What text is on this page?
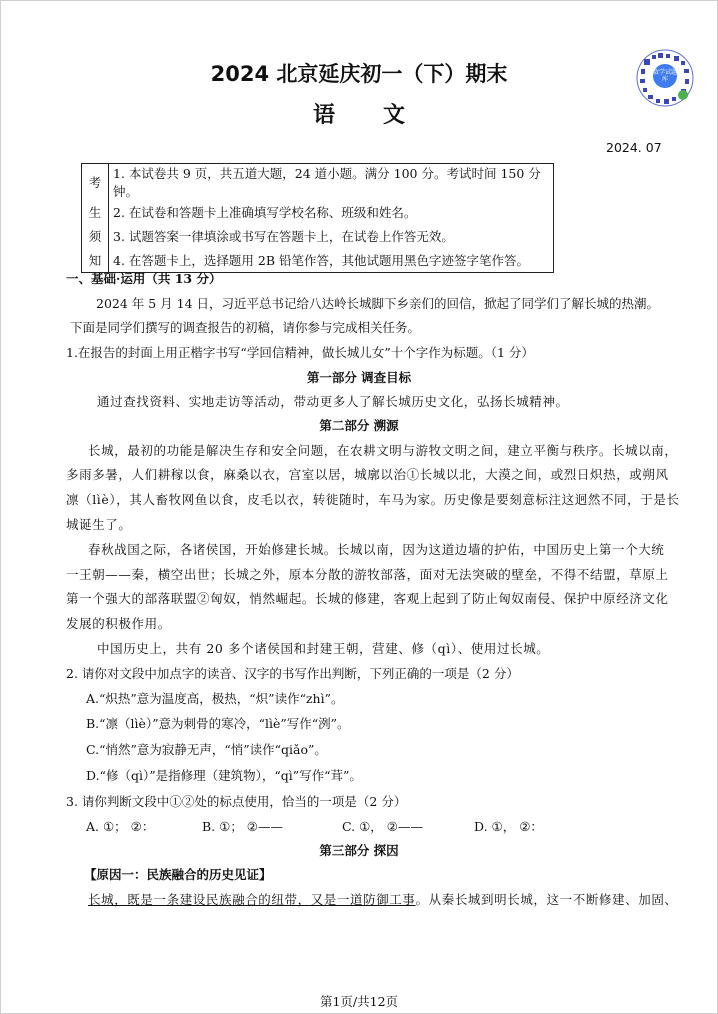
2024 北京延庆初一（下）期末
语文
2024. 07
数学试题库
考	1. 本试卷共 9 页，共五道大题，24 道小题。满分 100 分。考试时间 150 分钟。
生	2. 在试卷和答题卡上准确填写学校名称、班级和姓名。
须	3. 试题答案一律填涂或书写在答题卡上，在试卷上作答无效。
知	4. 在答题卡上，选择题用 2B 铅笔作答，其他试题用黑色字迹签字笔作答。
一、基础·运用（共 13 分）
2024 年 5 月 14 日，习近平总书记给八达岭长城脚下乡亲们的回信，掀起了同学们了解长城的热潮。
下面是同学们撰写的调查报告的初稿，请你参与完成相关任务。
1.在报告的封面上用正楷字书写“学回信精神，做长城儿女”十个字作为标题。（1 分）
第一部分 调查目标
通过查找资料、实地走访等活动，带动更多人了解长城历史文化，弘扬长城精神。
第二部分 溯源
长城，最初的功能是解决生存和安全问题，在农耕文明与游牧文明之间，建立平衡与秩序。长城以南，
多雨多暑，人们耕稼以食，麻桑以衣，宫室以居，城廓以治①长城以北，大漠之间，或烈日炽热，或朔风
凛（lìè），其人畜牧网鱼以食，皮毛以衣，转徙随时，车马为家。历史像是要刻意标注这迥然不同，于是长
城诞生了。
春秋战国之际，各诸侯国，开始修建长城。长城以南，因为这道边墙的护佑，中国历史上第一个大统
一王朝——秦，横空出世；长城之外，原本分散的游牧部落，面对无法突破的壁垒，不得不结盟，草原上
第一个强大的部落联盟②匈奴，悄然崛起。长城的修建，客观上起到了防止匈奴南侵、保护中原经济文化
发展的积极作用。
中国历史上，共有 20 多个诸侯国和封建王朝，营建、修（qì）、使用过长城。
2. 请你对文段中加点字的读音、汉字的书写作出判断，下列正确的一项是（2 分）
A.“炽热”意为温度高，极热，“炽”读作“zhì”。
B.“凛（lìè）”意为刺骨的寒冷，“lìè”写作“洌”。
C.“悄然”意为寂静无声，“悄”读作“qiǎo”。
D.“修（qì）”是指修理（建筑物），“qì”写作“茸”。
3. 请你判断文段中①②处的标点使用，恰当的一项是（2 分）
A. ①； ②：	B. ①； ②——	C. ①， ②——	D. ①， ②：
第三部分 探因
【原因一：民族融合的历史见证】
长城，既是一条建设民族融合的纽带，又是一道防御工事。从秦长城到明长城，这一不断修建、加固、
第1页/共12页
